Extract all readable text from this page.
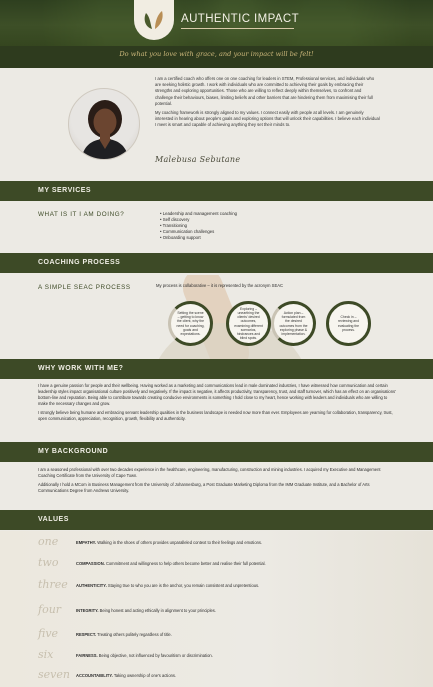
AUTHENTIC IMPACT
Do what you love with grace, and your impact will be felt!

I am a certified coach who offers one on one coaching for leaders in STEM, Professional services, and individuals who are seeking holistic growth. I work with individuals who are committed to achieving their goals by embracing their strengths and exploring opportunities. Those who are willing to reflect deeply within themselves, to confront and challenge their behaviours, biases, limiting beliefs and other barriers that are hindering them from maximising their full potential.

My coaching framework is strongly aligned to my values. I connect easily with people at all levels. I am genuinely interested in hearing about people's goals and exploring options that will unlock their capabilities. I believe each individual I meet is smart and capable of achieving anything they set their minds to.

Malebusa Sebutane
MY SERVICES
WHAT IS IT I AM DOING?
•	Leadership and management coaching
• Self discovery
• Transitioning
• Communication challenges
• Onboarding support
COACHING PROCESS
A SIMPLE SEAC PROCESS	My process is collaborative – it is represented by the acronym SEAC
Setting the scene – getting to know the client, why the need for coaching, goals and expectations.
Exploring – unearthing the clients' desired outcomes, examining different scenarios, hindrances and blind spots.
Action plan – formulated from the desired outcomes from the exploring phase & implementation.
Check in – reviewing and evaluating the process.
WHY WORK WITH ME?

I have a genuine passion for people and their wellbeing. Having worked as a marketing and communications lead in male dominated industries, I have witnessed how communication and certain leadership styles impact organisational culture positively and negatively. If the impact is negative, it affects productivity, transparency, trust, and staff turnover, which has an effect on an organisations' bottom-line and reputation. Being able to contribute towards creating conducive environments is something I hold close to my heart, hence working with leaders and individuals who are willing to make the necessary changes and grow.

I strongly believe being humane and embracing servant leadership qualities in the business landscape is needed now more than ever. Employees are yearning for collaboration, transparency, trust, open communication, appreciation, recognition, growth, flexibility and authenticity.

MY BACKGROUND

I am a seasoned professional with over two decades experience in the healthcare, engineering, manufacturing, construction and mining industries. I acquired my Executive and Management Coaching Certificate from the University of Cape Town.

Additionally I hold a MCom in Business Management from the University of Johannesburg, a Post Graduate Marketing Diploma from the IMM Graduate Institute, and a Bachelor of Arts Communications Degree from Andrews University.

VALUES
one	EMPATHY. Walking in the shoes of others provides unparalleled context to their feelings and emotions.
two	COMPASSION. Commitment and willingness to help others become better and realise their full potential.
three AUTHENTICITY. Staying true to who you are is the anchor, you remain consistent and unpretentious.
four	INTEGRITY. Being honest and acting ethically in alignment to your principles.
five	RESPECT. Treating others politely regardless of title.
six	FAIRNESS. Being objective, not influenced by favouritism or discrimination.
seven ACCOUNTABILITY. Taking ownership of one's actions.
